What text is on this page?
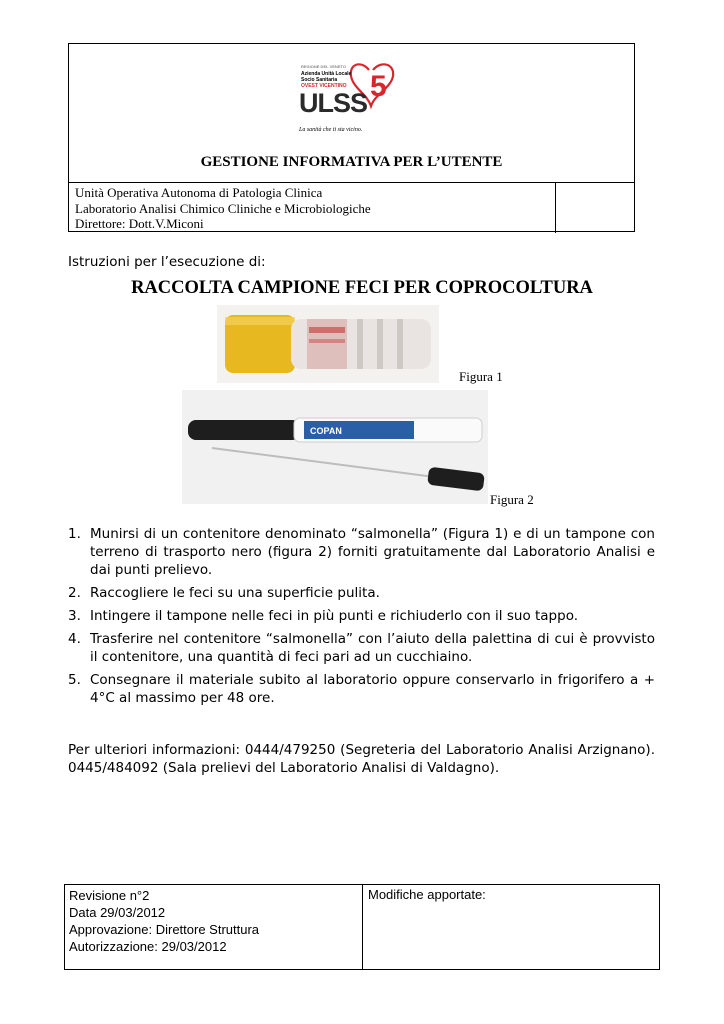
REGIONE DEL VENETO
Azienda Unità Locale
Socio Sanitaria
OVEST VICENTINO
ULSS 5
La sanità che ti sta vicino.
GESTIONE INFORMATIVA PER L’UTENTE
Unità Operativa Autonoma di Patologia Clinica
Laboratorio Analisi Chimico Cliniche e Microbiologiche
Direttore: Dott.V.Miconi
Istruzioni per l’esecuzione di:
RACCOLTA CAMPIONE FECI PER COPROCOLTURA
Figura 1
COPAN
Figura 2
1. Munirsi di un contenitore denominato “salmonella” (Figura 1) e di un tampone con terreno di trasporto nero (figura 2) forniti gratuitamente dal Laboratorio Analisi e dai punti prelievo.
2. Raccogliere le feci su una superficie pulita.
3. Intingere il tampone nelle feci in più punti e richiuderlo con il suo tappo.
4. Trasferire nel contenitore “salmonella” con l’aiuto della palettina di cui è provvisto il contenitore, una quantità di feci pari ad un cucchiaino.
5. Consegnare il materiale subito al laboratorio oppure conservarlo in frigorifero a + 4°C al massimo per 48 ore.
Per ulteriori informazioni: 0444/479250 (Segreteria del Laboratorio Analisi Arzignano). 0445/484092 (Sala prelievi del Laboratorio Analisi di Valdagno).
Revisione n°2
Data 29/03/2012
Approvazione: Direttore Struttura
Autorizzazione: 29/03/2012
Modifiche apportate:
